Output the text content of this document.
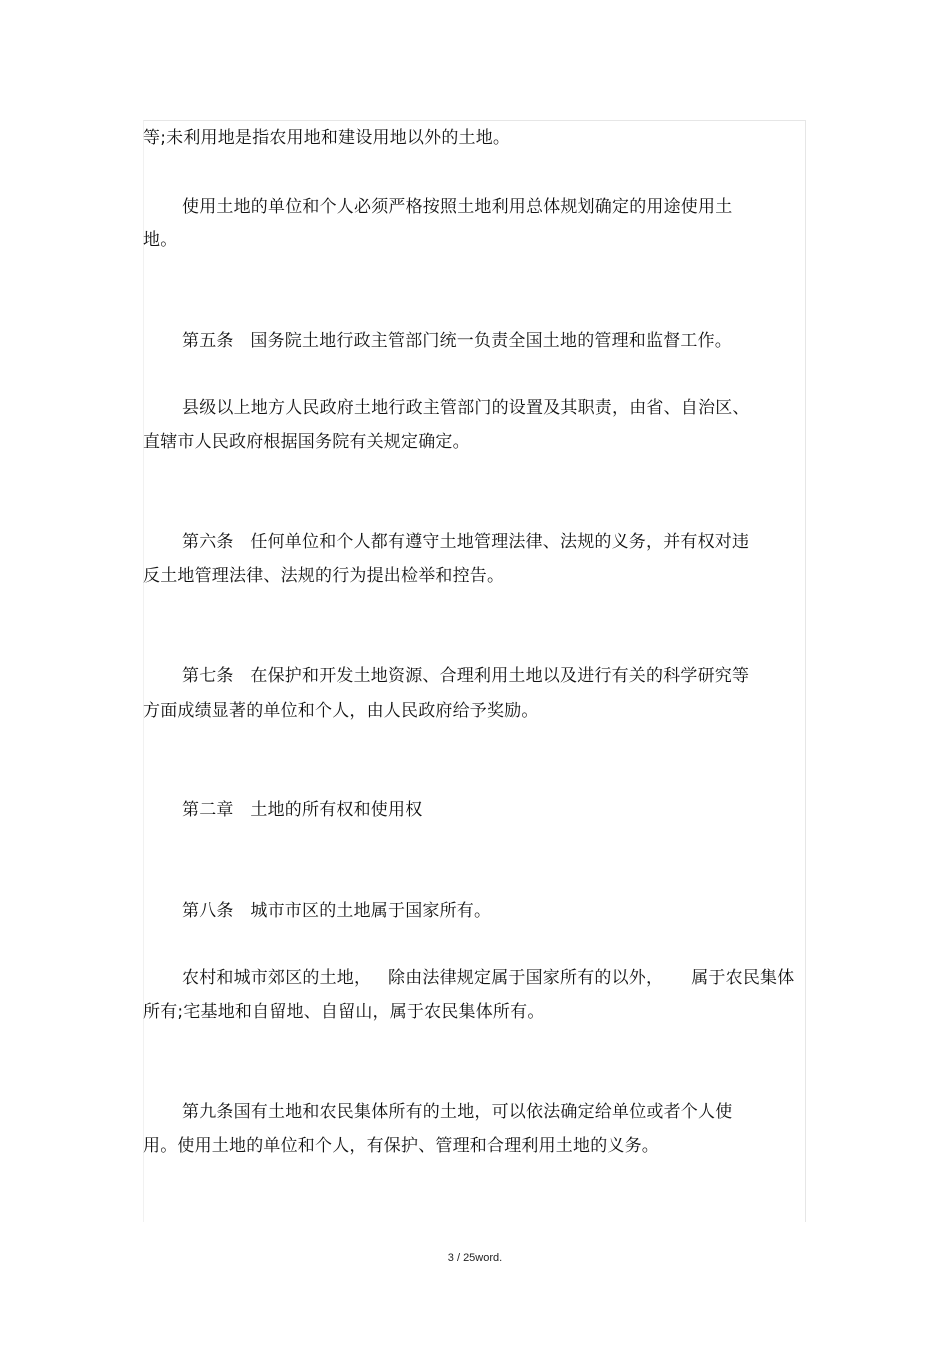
等;未利用地是指农用地和建设用地以外的土地。
使用土地的单位和个人必须严格按照土地利用总体规划确定的用途使用土
地。
第五条   国务院土地行政主管部门统一负责全国土地的管理和监督工作。
县级以上地方人民政府土地行政主管部门的设置及其职责，由省、自治区、
直辖市人民政府根据国务院有关规定确定。
第六条   任何单位和个人都有遵守土地管理法律、法规的义务，并有权对违
反土地管理法律、法规的行为提出检举和控告。
第七条   在保护和开发土地资源、合理利用土地以及进行有关的科学研究等
方面成绩显著的单位和个人，由人民政府给予奖励。
第二章   土地的所有权和使用权
第八条   城市市区的土地属于国家所有。
农村和城市郊区的土地，   除由法律规定属于国家所有的以外，     属于农民集体
所有;宅基地和自留地、自留山，属于农民集体所有。
第九条国有土地和农民集体所有的土地，可以依法确定给单位或者个人使
用。使用土地的单位和个人，有保护、管理和合理利用土地的义务。
3 / 25word.
